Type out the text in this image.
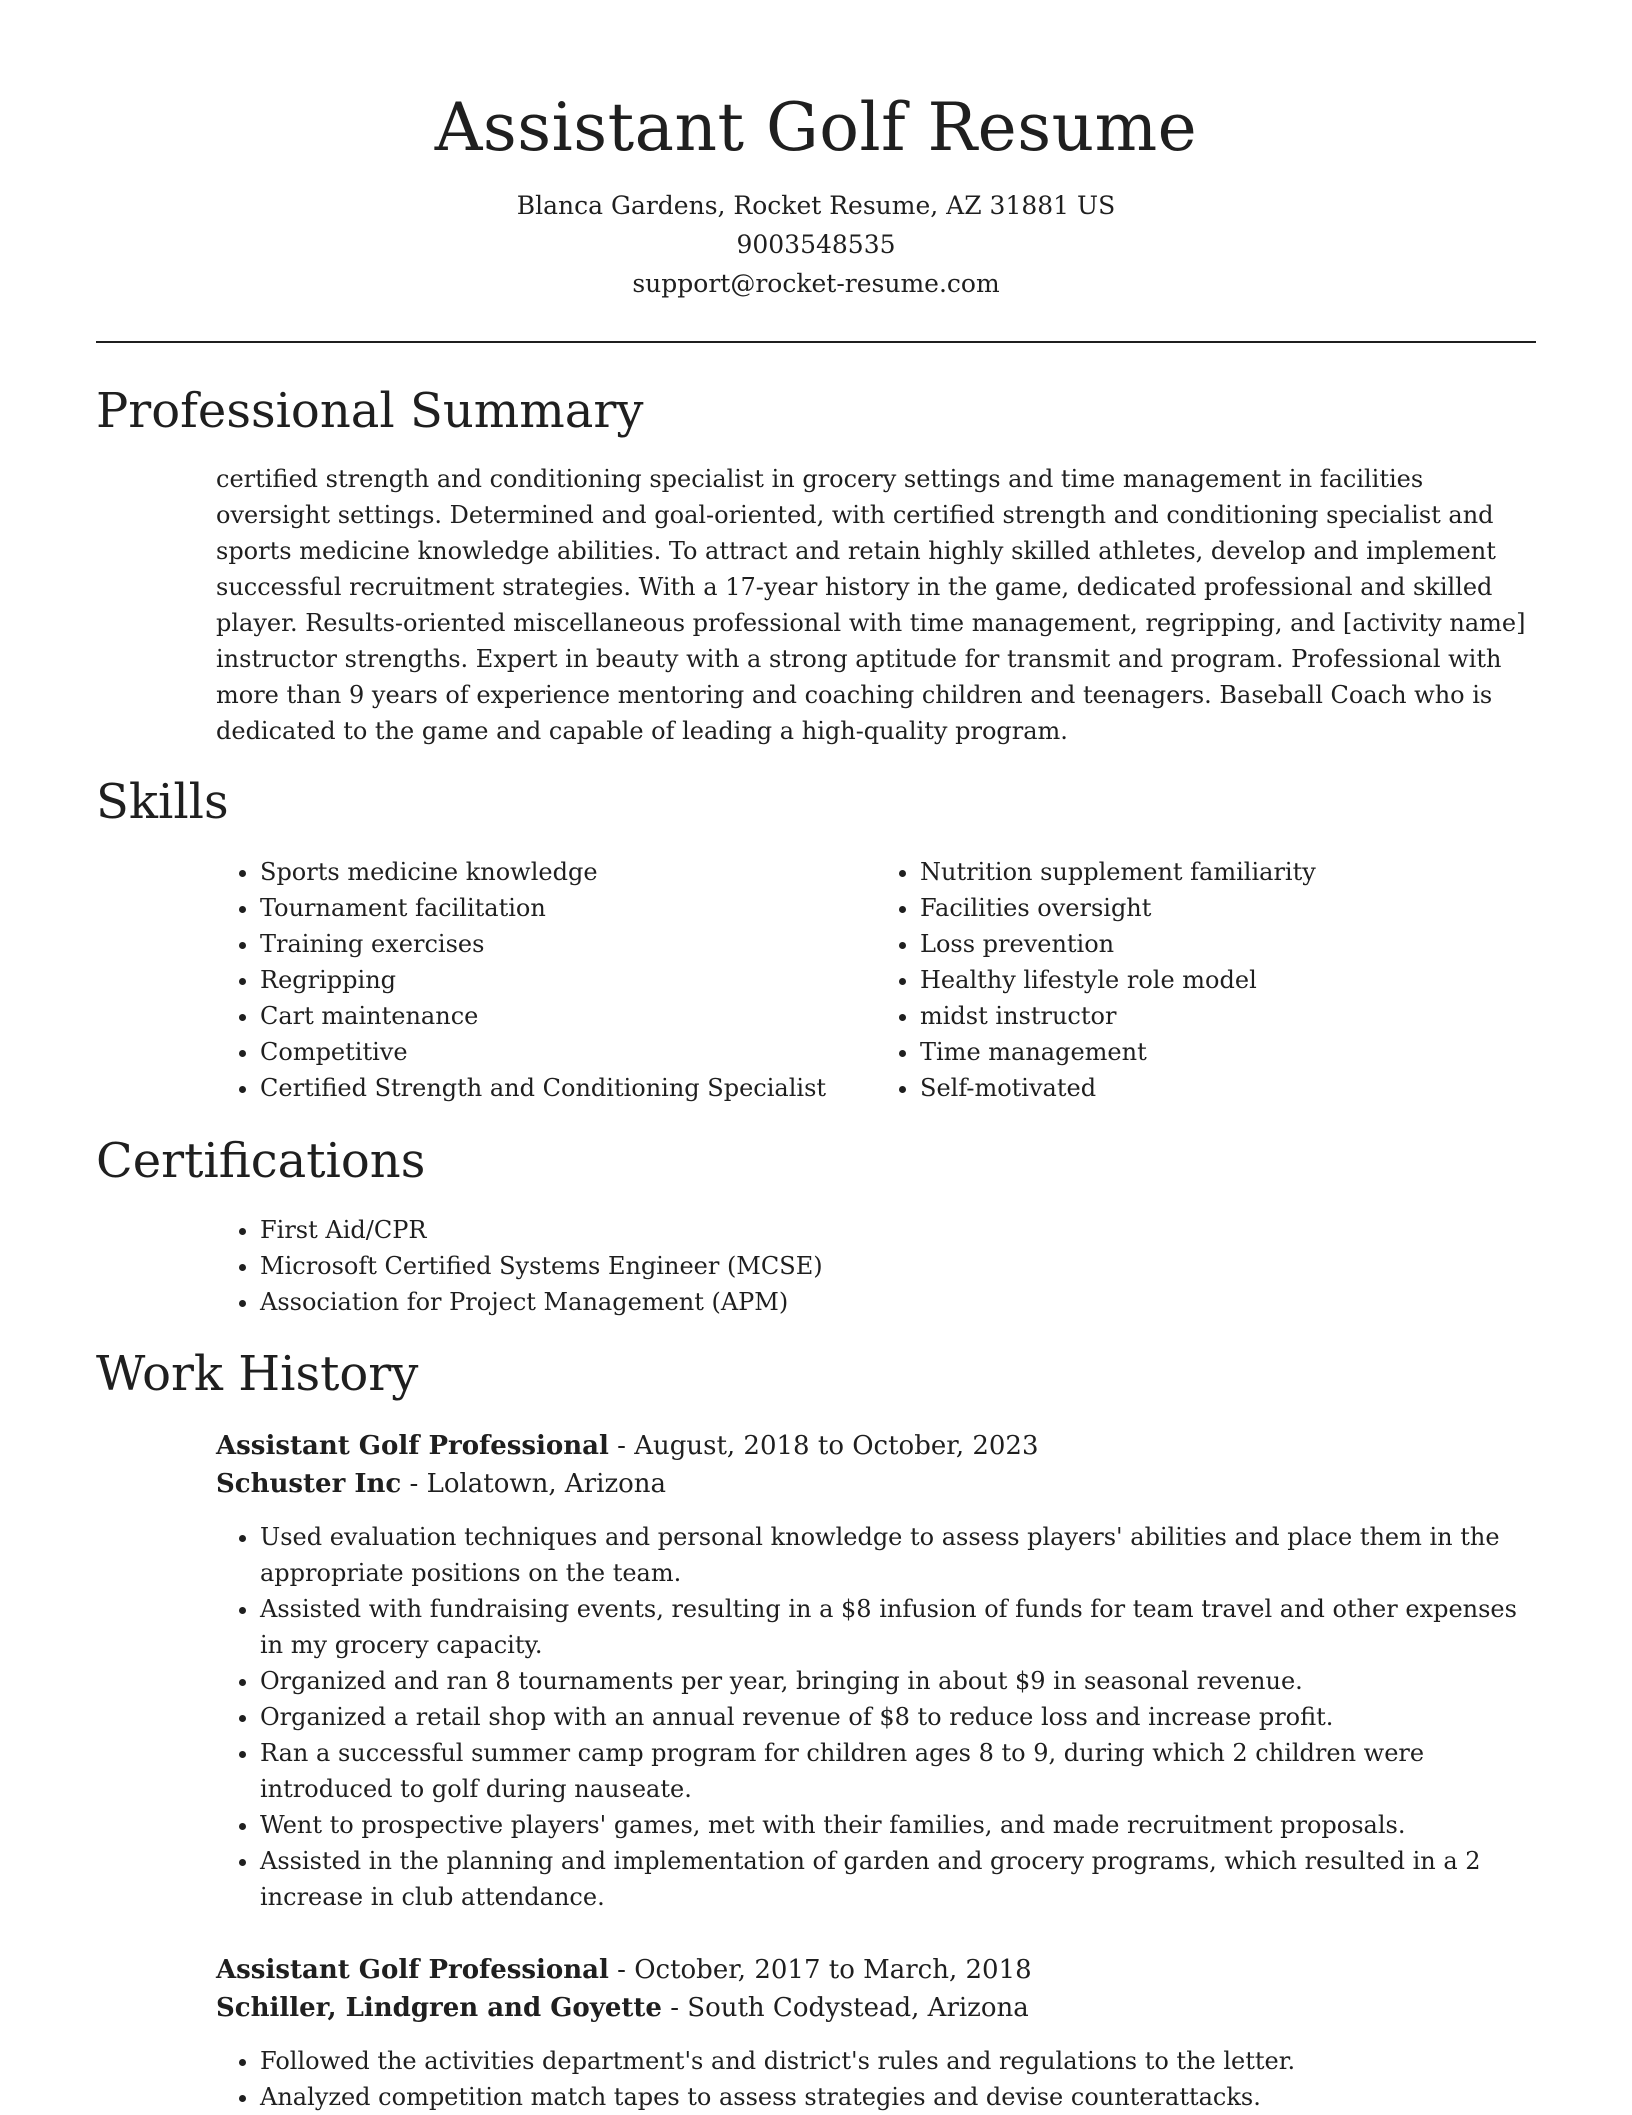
Assistant Golf Resume
Blanca Gardens, Rocket Resume, AZ 31881 US
9003548535
support@rocket-resume.com
Professional Summary

certified strength and conditioning specialist in grocery settings and time management in facilities oversight settings. Determined and goal-oriented, with certified strength and conditioning specialist and sports medicine knowledge abilities. To attract and retain highly skilled athletes, develop and implement successful recruitment strategies. With a 17-year history in the game, dedicated professional and skilled player. Results-oriented miscellaneous professional with time management, regripping, and [activity name] instructor strengths. Expert in beauty with a strong aptitude for transmit and program. Professional with more than 9 years of experience mentoring and coaching children and teenagers. Baseball Coach who is dedicated to the game and capable of leading a high-quality program.

Skills
• Sports medicine knowledge
• Tournament facilitation
• Training exercises
• Regripping
• Cart maintenance
• Competitive
• Certified Strength and Conditioning Specialist
• Nutrition supplement familiarity
• Facilities oversight
• Loss prevention
• Healthy lifestyle role model
• midst instructor
• Time management
• Self-motivated
Certifications
• First Aid/CPR
• Microsoft Certified Systems Engineer (MCSE)
• Association for Project Management (APM)
Work History

Assistant Golf Professional - August, 2018 to October, 2023

Schuster Inc - Lolatown, Arizona

• Used evaluation techniques and personal knowledge to assess players' abilities and place them in the appropriate positions on the team.
• Assisted with fundraising events, resulting in a $8 infusion of funds for team travel and other expenses in my grocery capacity.
• Organized and ran 8 tournaments per year, bringing in about $9 in seasonal revenue.
• Organized a retail shop with an annual revenue of $8 to reduce loss and increase profit.
• Ran a successful summer camp program for children ages 8 to 9, during which 2 children were introduced to golf during nauseate.
• Went to prospective players' games, met with their families, and made recruitment proposals.
• Assisted in the planning and implementation of garden and grocery programs, which resulted in a 2 increase in club attendance.

Assistant Golf Professional - October, 2017 to March, 2018

Schiller, Lindgren and Goyette - South Codystead, Arizona

• Followed the activities department's and district's rules and regulations to the letter.
• Analyzed competition match tapes to assess strategies and devise counterattacks.
